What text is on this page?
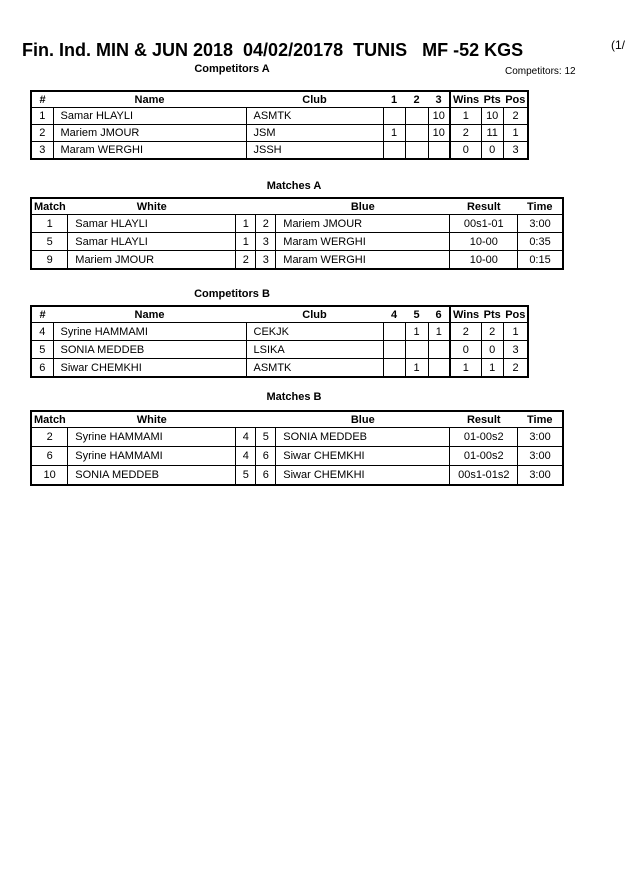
Fin. Ind. MIN & JUN 2018  04/02/20178  TUNIS   MF -52 KGS	(1/
Competitors: 12
Competitors A
#	Name	Club	1	2	3	Wins	Pts	Pos
1	Samar HLAYLI	ASMTK			10	1	10	2
2	Mariem JMOUR	JSM	1		10	2	11	1
3	Maram WERGHI	JSSH				0	0	3
Matches A
Match	White			Blue	Result	Time
1	Samar HLAYLI	1	2	Mariem JMOUR	00s1-01	3:00
5	Samar HLAYLI	1	3	Maram WERGHI	10-00	0:35
9	Mariem JMOUR	2	3	Maram WERGHI	10-00	0:15
Competitors B
#	Name	Club	4	5	6	Wins	Pts	Pos
4	Syrine HAMMAMI	CEKJK		1	1	2	2	1
5	SONIA MEDDEB	LSIKA				0	0	3
6	Siwar CHEMKHI	ASMTK		1		1	1	2
Matches B
Match	White			Blue	Result	Time
2	Syrine HAMMAMI	4	5	SONIA MEDDEB	01-00s2	3:00
6	Syrine HAMMAMI	4	6	Siwar CHEMKHI	01-00s2	3:00
10	SONIA MEDDEB	5	6	Siwar CHEMKHI	00s1-01s2	3:00
